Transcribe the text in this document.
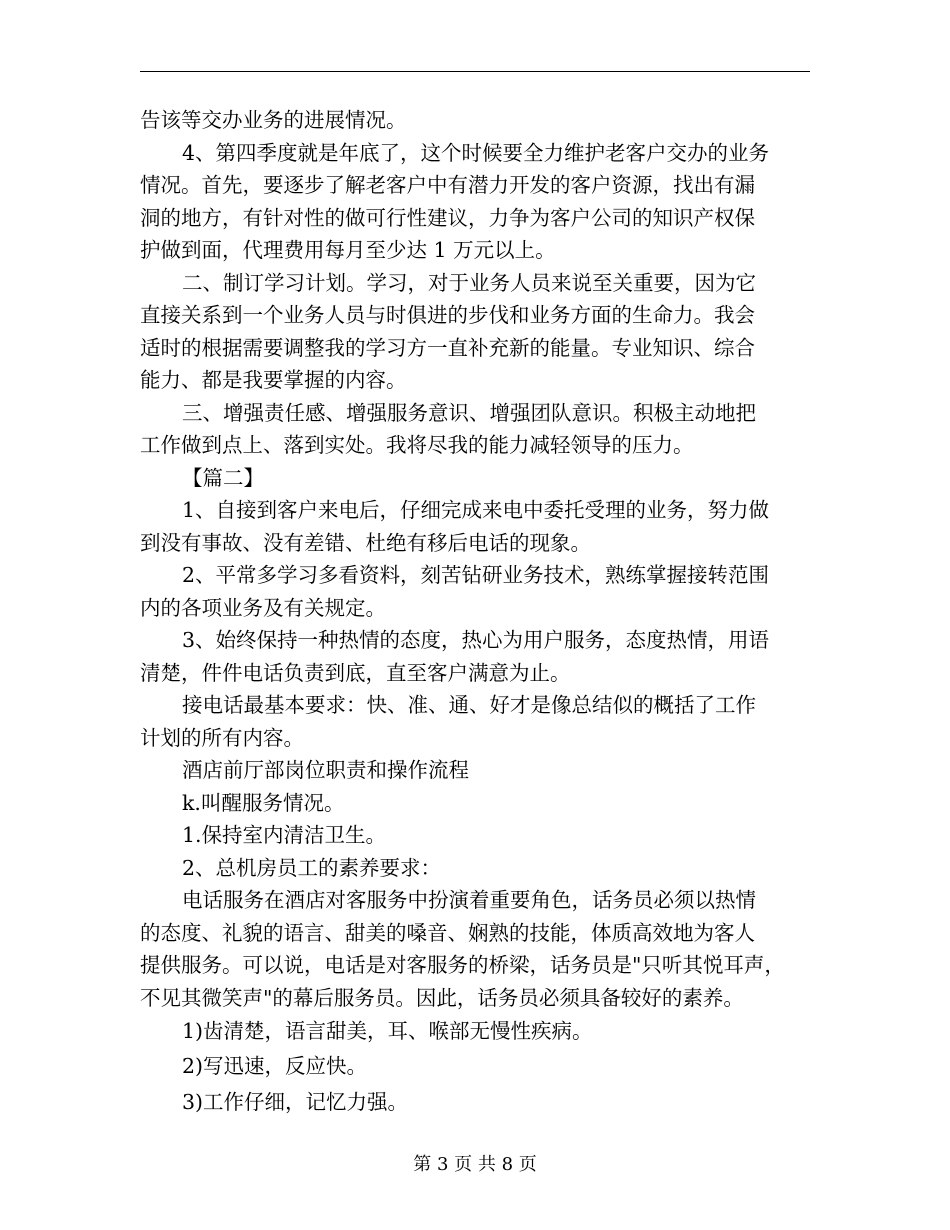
告该等交办业务的进展情况。
4、第四季度就是年底了，这个时候要全力维护老客户交办的业务
情况。首先，要逐步了解老客户中有潜力开发的客户资源，找出有漏
洞的地方，有针对性的做可行性建议，力争为客户公司的知识产权保
护做到面，代理费用每月至少达 1 万元以上。
二、制订学习计划。学习，对于业务人员来说至关重要，因为它
直接关系到一个业务人员与时俱进的步伐和业务方面的生命力。我会
适时的根据需要调整我的学习方一直补充新的能量。专业知识、综合
能力、都是我要掌握的内容。
三、增强责任感、增强服务意识、增强团队意识。积极主动地把
工作做到点上、落到实处。我将尽我的能力减轻领导的压力。
【篇二】
1、自接到客户来电后，仔细完成来电中委托受理的业务，努力做
到没有事故、没有差错、杜绝有移后电话的现象。
2、平常多学习多看资料，刻苦钻研业务技术，熟练掌握接转范围
内的各项业务及有关规定。
3、始终保持一种热情的态度，热心为用户服务，态度热情，用语
清楚，件件电话负责到底，直至客户满意为止。
接电话最基本要求：快、准、通、好才是像总结似的概括了工作
计划的所有内容。
酒店前厅部岗位职责和操作流程
k.叫醒服务情况。
1.保持室内清洁卫生。
2、总机房员工的素养要求：
电话服务在酒店对客服务中扮演着重要角色，话务员必须以热情
的态度、礼貌的语言、甜美的嗓音、娴熟的技能，体质高效地为客人
提供服务。可以说，电话是对客服务的桥梁，话务员是"只听其悦耳声，
不见其微笑声"的幕后服务员。因此，话务员必须具备较好的素养。
1)齿清楚，语言甜美，耳、喉部无慢性疾病。
2)写迅速，反应快。
3)工作仔细，记忆力强。
第 3 页 共 8 页
